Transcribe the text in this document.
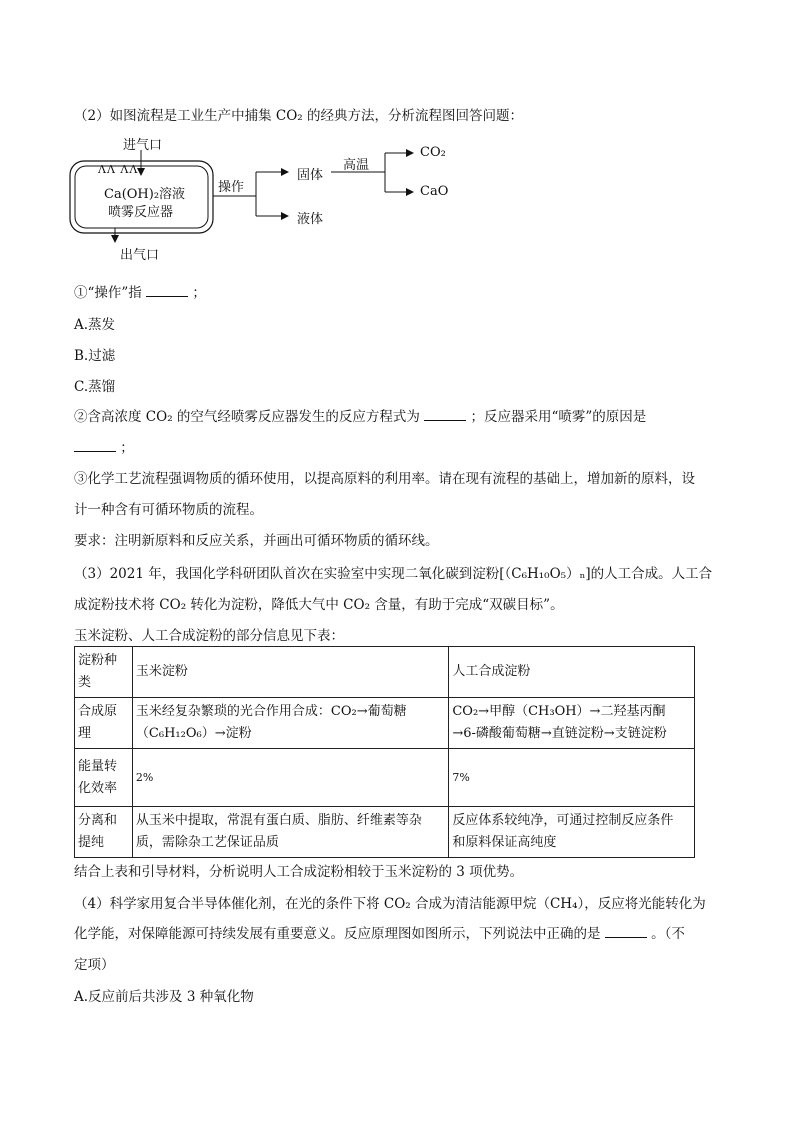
（2）如图流程是工业生产中捕集 CO₂ 的经典方法，分析流程图回答问题：
进气口
ΛΛ ΛΛ
Ca(OH)₂溶液
喷雾反应器
出气口
操作
固体
液体
高温
CO₂
CaO
①“操作”指	；
A.蒸发
B.过滤
C.蒸馏
②含高浓度 CO₂ 的空气经喷雾反应器发生的反应方程式为	；反应器采用“喷雾”的原因是
；
③化学工艺流程强调物质的循环使用，以提高原料的利用率。请在现有流程的基础上，增加新的原料，设
计一种含有可循环物质的流程。
要求：注明新原料和反应关系，并画出可循环物质的循环线。
（3）2021 年，我国化学科研团队首次在实验室中实现二氧化碳到淀粉[（C₆H₁₀O₅）ₙ]的人工合成。人工合
成淀粉技术将 CO₂ 转化为淀粉，降低大气中 CO₂ 含量，有助于完成“双碳目标”。
玉米淀粉、人工合成淀粉的部分信息见下表：
淀粉种类	玉米淀粉	人工合成淀粉
合成原理	玉米经复杂繁琐的光合作用合成：CO₂→葡萄糖
（C₆H₁₂O₆）→淀粉	CO₂→甲醇（CH₃OH）→二羟基丙酮
→6-磷酸葡萄糖→直链淀粉→支链淀粉

能量转化效率	2%	7%
分离和提纯	从玉米中提取，常混有蛋白质、脂肪、纤维素等杂
质，需除杂工艺保证品质	反应体系较纯净，可通过控制反应条件
和原料保证高纯度
结合上表和引导材料，分析说明人工合成淀粉相较于玉米淀粉的 3 项优势。
（4）科学家用复合半导体催化剂，在光的条件下将 CO₂ 合成为清洁能源甲烷（CH₄），反应将光能转化为
化学能，对保障能源可持续发展有重要意义。反应原理图如图所示，下列说法中正确的是	。（不
定项）
A.反应前后共涉及 3 种氧化物
